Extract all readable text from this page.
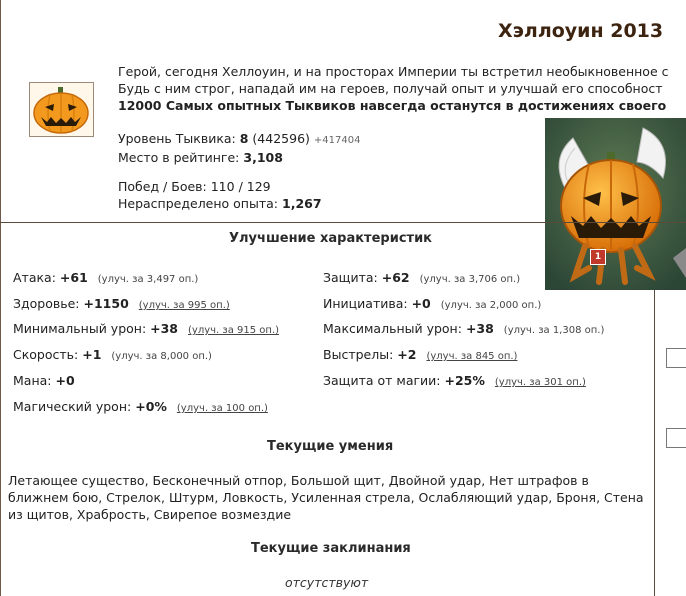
Хэллоуин 2013
Герой, сегодня Хеллоуин, и на просторах Империи ты встретил необыкновенное с
Будь с ним строг, нападай им на героев, получай опыт и улучшай его способност
12000 Самых опытных Тыквиков навсегда останутся в достижениях своего
Уровень Тыквика: 8 (442596) +417404
Место в рейтинге: 3,108
Побед / Боев: 110 / 129
Нераспределено опыта: 1,267
1
Улучшение характеристик
Атака: +61 (улуч. за 3,497 оп.)
Здоровье: +1150 (улуч. за 995 оп.)
Минимальный урон: +38 (улуч. за 915 оп.)
Скорость: +1 (улуч. за 8,000 оп.)
Мана: +0
Магический урон: +0% (улуч. за 100 оп.)
Защита: +62 (улуч. за 3,706 оп.)
Инициатива: +0 (улуч. за 2,000 оп.)
Максимальный урон: +38 (улуч. за 1,308 оп.)
Выстрелы: +2 (улуч. за 845 оп.)
Защита от магии: +25% (улуч. за 301 оп.)
Текущие умения
Летающее существо, Бесконечный отпор, Большой щит, Двойной удар, Нет штрафов в ближнем бою, Стрелок, Штурм, Ловкость, Усиленная стрела, Ослабляющий удар, Броня, Стена из щитов, Храбрость, Свирепое возмездие
Текущие заклинания
отсутствуют
